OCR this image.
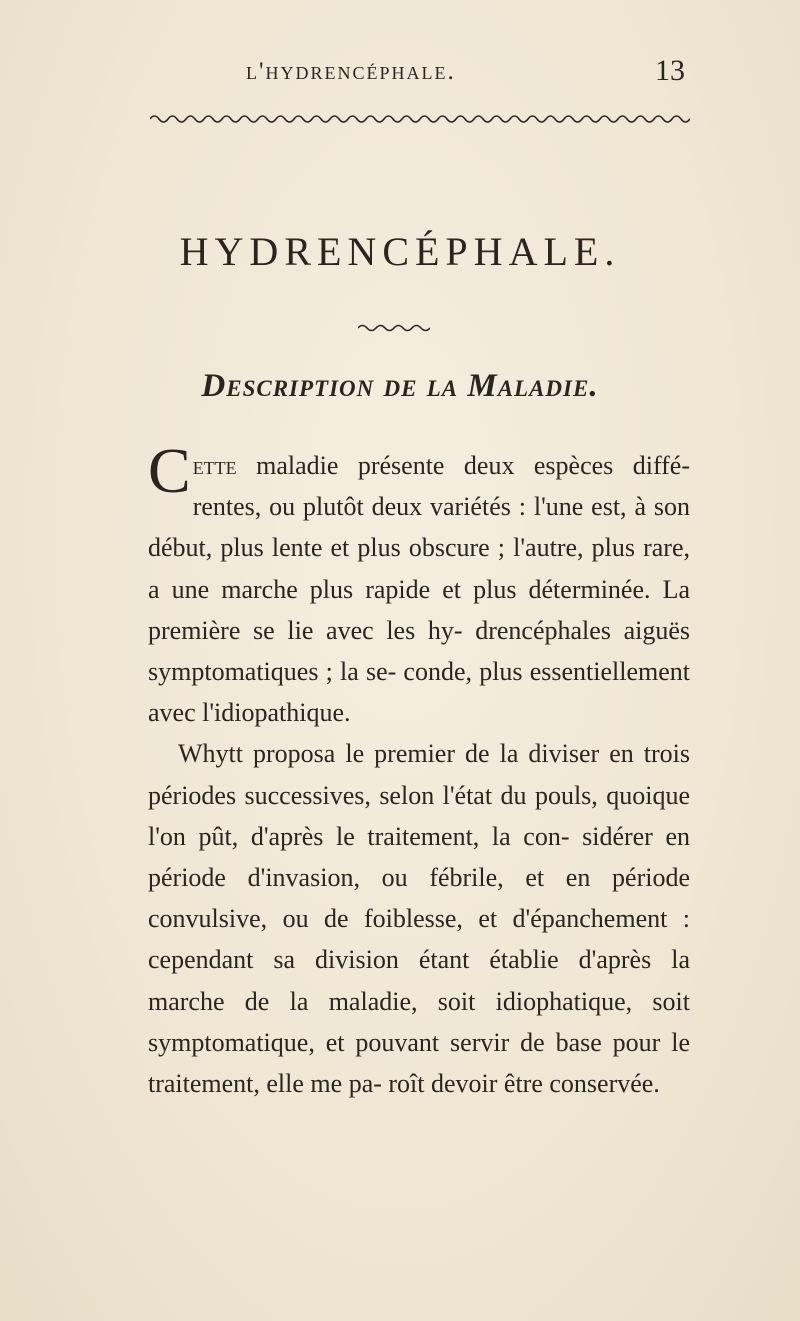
l'hydrencéphale.	13
HYDRENCÉPHALE.
Description de la Maladie.

Cette maladie présente deux espèces diffé- rentes, ou plutôt deux variétés : l'une est, à son début, plus lente et plus obscure ; l'autre, plus rare, a une marche plus rapide et plus déterminée. La première se lie avec les hy- drencéphales aiguës symptomatiques ; la se- conde, plus essentiellement avec l'idiopathique.

Whytt proposa le premier de la diviser en trois périodes successives, selon l'état du pouls, quoique l'on pût, d'après le traitement, la con- sidérer en période d'invasion, ou fébrile, et en période convulsive, ou de foiblesse, et d'épanchement : cependant sa division étant établie d'après la marche de la maladie, soit idiophatique, soit symptomatique, et pouvant servir de base pour le traitement, elle me pa- roît devoir être conservée.
